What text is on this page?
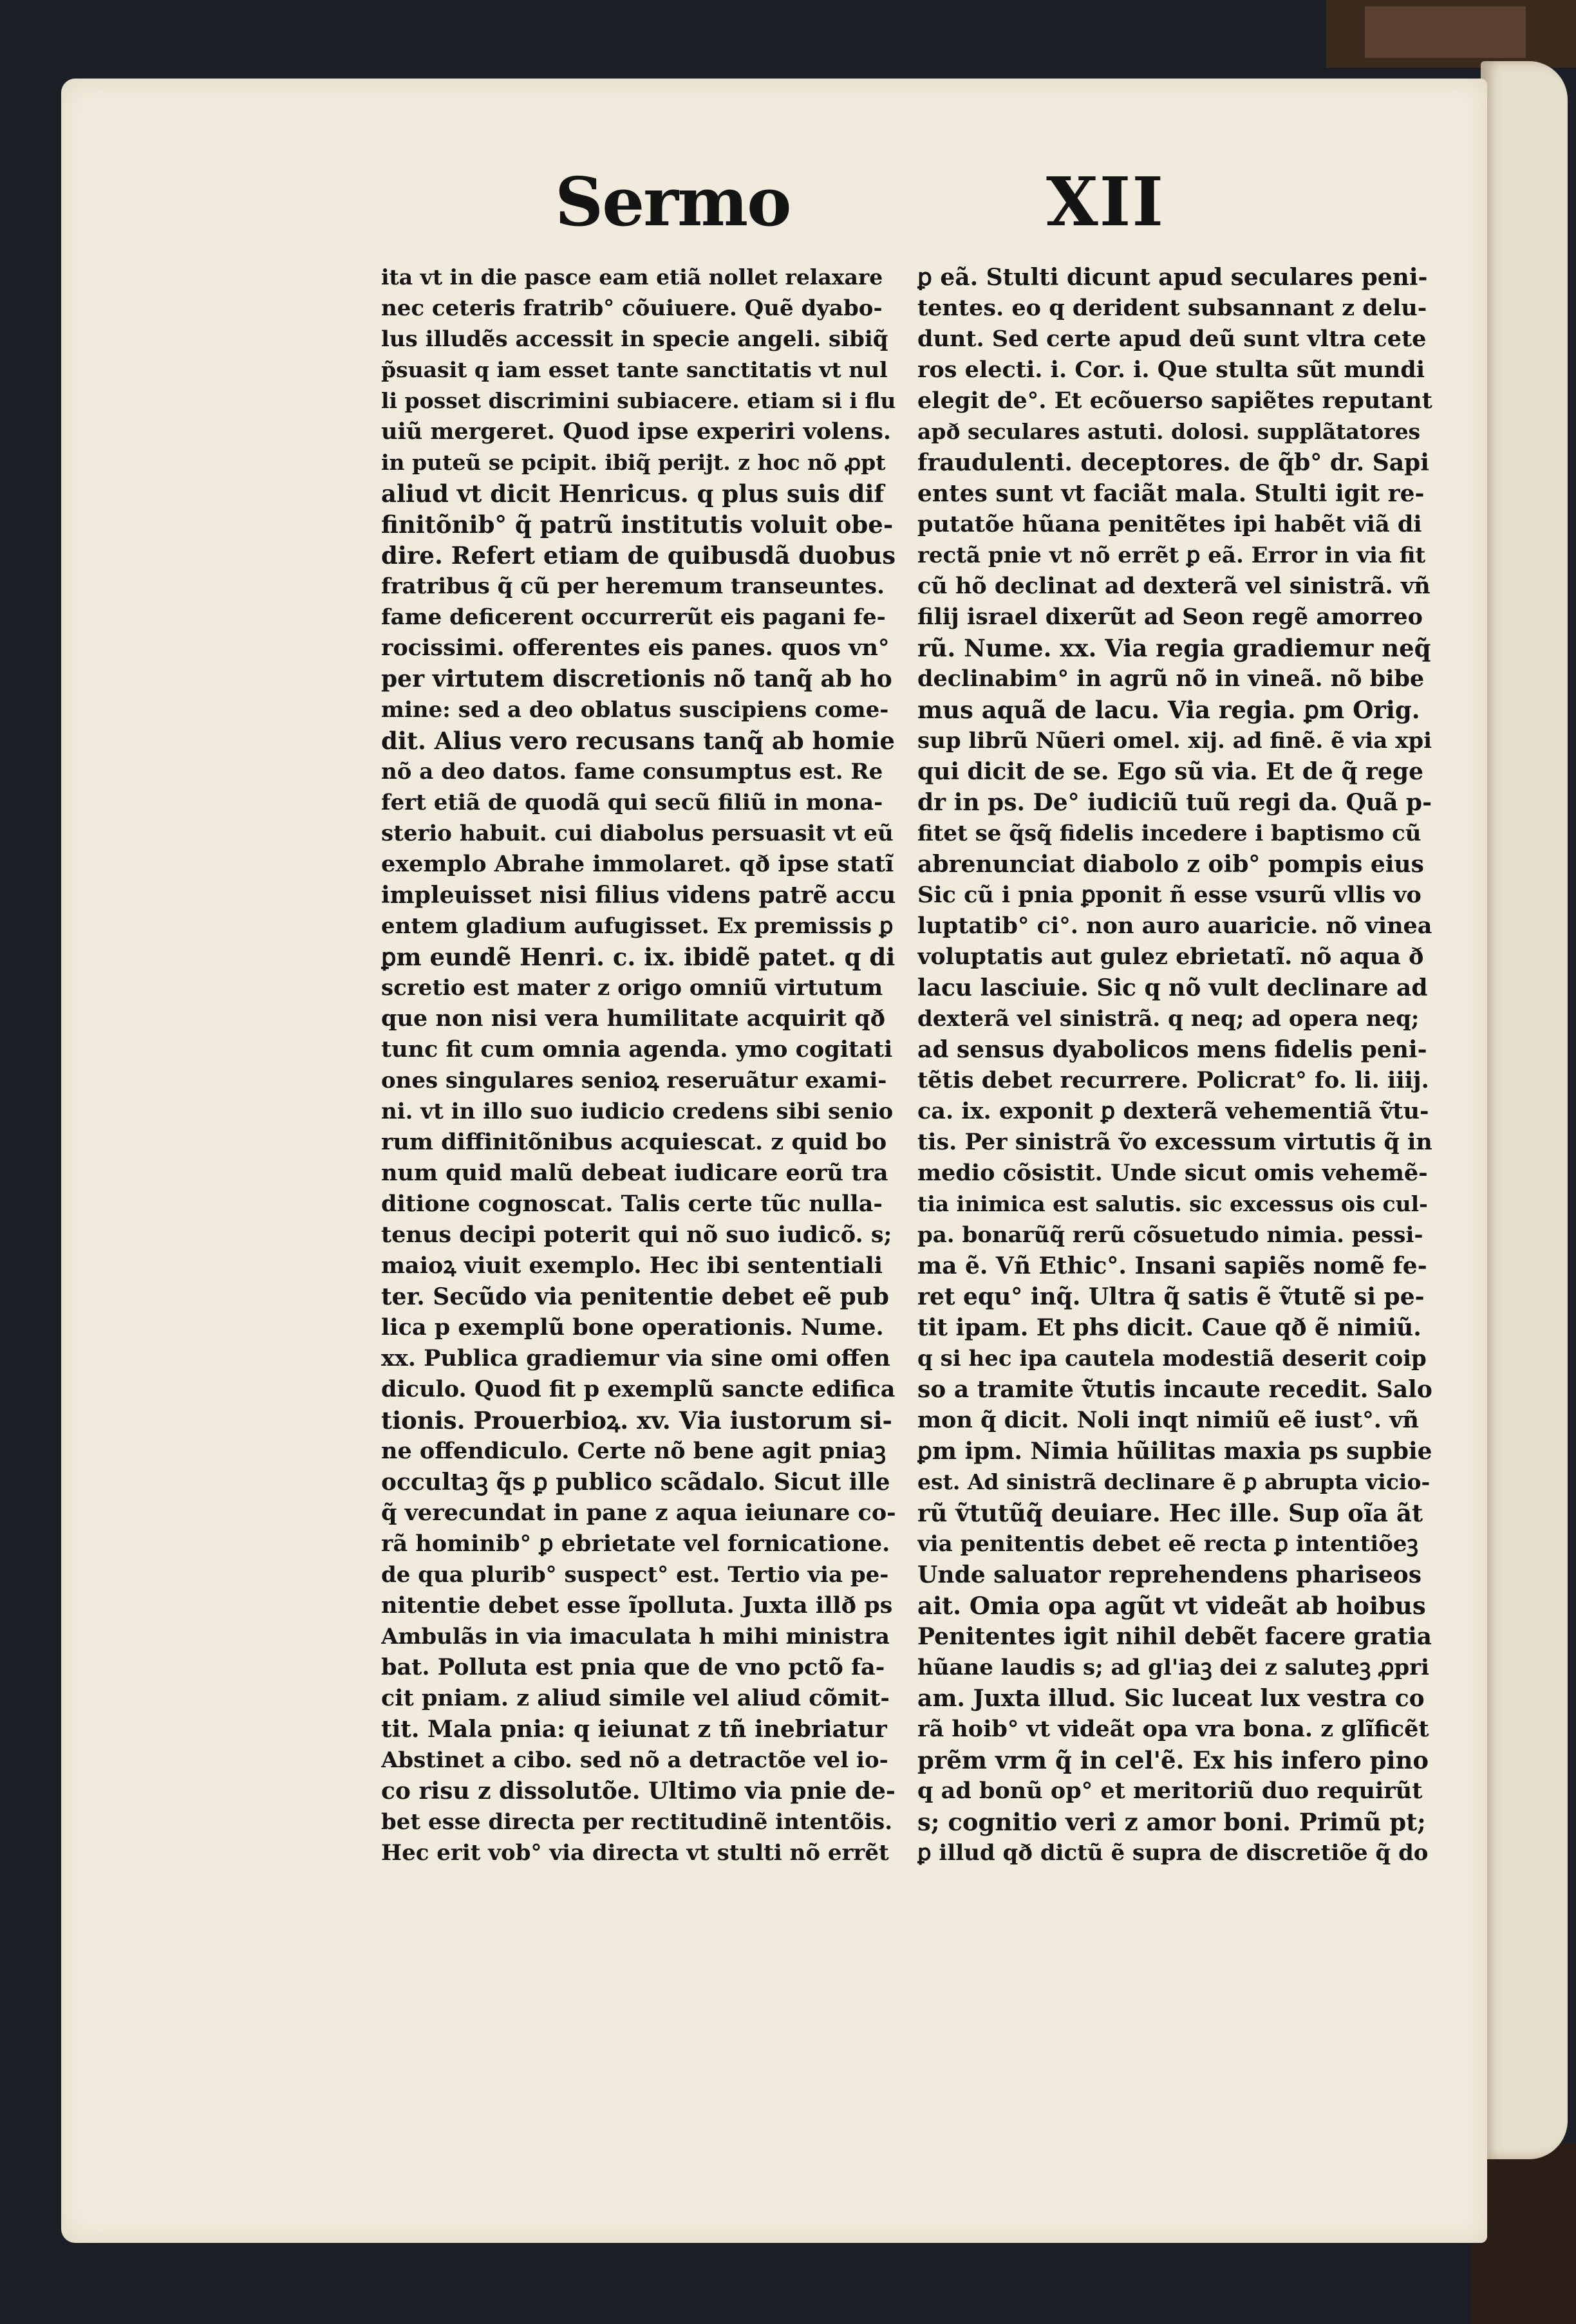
Sermo	XII
ita vt in die pasce eam etiã nollet relaxare
nec ceteris fratrib° cõuiuere. Quẽ dyabo-
lus illudẽs accessit in specie angeli. sibiq̃
p̃suasit q iam esset tante sanctitatis vt nul
li posset discrimini subiacere. etiam si i flu
uiũ mergeret. Quod ipse experiri volens.
in puteũ se pcipit. ibiq̃ perijt. z hoc nõ ꝓpt
aliud vt dicit Henricus. q plus suis dif
finitõnib° q̃ patrũ institutis voluit obe-
dire. Refert etiam de quibusdã duobus
fratribus q̃ cũ per heremum transeuntes.
fame deficerent occurrerũt eis pagani fe-
rocissimi. offerentes eis panes. quos vn°
per virtutem discretionis nõ tanq̃ ab ho
mine: sed a deo oblatus suscipiens come-
dit. Alius vero recusans tanq̃ ab homie
nõ a deo datos. fame consumptus est. Re
fert etiã de quodã qui secũ filiũ in mona-
sterio habuit. cui diabolus persuasit vt eũ
exemplo Abrahe immolaret. qð ipse statĩ
impleuisset nisi filius videns patrẽ accu
entem gladium aufugisset. Ex premissis ꝑ
ꝑm eundẽ Henri. c. ix. ibidẽ patet. q di
scretio est mater z origo omniũ virtutum
que non nisi vera humilitate acquirit qð
tunc fit cum omnia agenda. ymo cogitati
ones singulares senioꝝ reseruãtur exami-
ni. vt in illo suo iudicio credens sibi senio
rum diffinitõnibus acquiescat. z quid bo
num quid malũ debeat iudicare eorũ tra
ditione cognoscat. Talis certe tũc nulla-
tenus decipi poterit qui nõ suo iudicõ. s;
maioꝝ viuit exemplo. Hec ibi sententiali
ter. Secũdo via penitentie debet eẽ pub
lica p exemplũ bone operationis. Nume.
xx. Publica gradiemur via sine omi offen
diculo. Quod fit p exemplũ sancte edifica
tionis. Prouerbioꝝ. xv. Via iustorum si-
ne offendiculo. Certe nõ bene agit pniaꝫ
occultaꝫ q̃s ꝑ publico scãdalo. Sicut ille
q̃ verecundat in pane z aqua ieiunare co-
rã hominib° ꝑ ebrietate vel fornicatione.
de qua plurib° suspect° est. Tertio via pe-
nitentie debet esse ĩpolluta. Juxta illð ps
Ambulãs in via imaculata h mihi ministra
bat. Polluta est pnia que de vno pctõ fa-
cit pniam. z aliud simile vel aliud cõmit-
tit. Mala pnia: q ieiunat z tñ inebriatur
Abstinet a cibo. sed nõ a detractõe vel io-
co risu z dissolutõe. Ultimo via pnie de-
bet esse directa per rectitudinẽ intentõis.
Hec erit vob° via directa vt stulti nõ errẽt
ꝑ eã. Stulti dicunt apud seculares peni-
tentes. eo q derident subsannant z delu-
dunt. Sed certe apud deũ sunt vltra cete
ros electi. i. Cor. i. Que stulta sũt mundi
elegit de°. Et ecõuerso sapiẽtes reputant
apð seculares astuti. dolosi. supplãtatores
fraudulenti. deceptores. de q̃b° dr. Sapi
entes sunt vt faciãt mala. Stulti igit re-
putatõe hũana penitẽtes ipi habẽt viã di
rectã pnie vt nõ errẽt ꝑ eã. Error in via fit
cũ hõ declinat ad dexterã vel sinistrã. vñ
filij israel dixerũt ad Seon regẽ amorreo
rũ. Nume. xx. Via regia gradiemur neq̃
declinabim° in agrũ nõ in vineã. nõ bibe
mus aquã de lacu. Via regia. ꝑm Orig.
sup librũ Nũeri omel. xij. ad finẽ. ẽ via xpi
qui dicit de se. Ego sũ via. Et de q̃ rege
dr in ps. De° iudiciũ tuũ regi da. Quã p-
fitet se q̃sq̃ fidelis incedere i baptismo cũ
abrenunciat diabolo z oib° pompis eius
Sic cũ i pnia ꝑponit ñ esse vsurũ vllis vo
luptatib° ci°. non auro auaricie. nõ vinea
voluptatis aut gulez ebrietatĩ. nõ aqua ð
lacu lasciuie. Sic q nõ vult declinare ad
dexterã vel sinistrã. q neq; ad opera neq;
ad sensus dyabolicos mens fidelis peni-
tẽtis debet recurrere. Policrat° fo. li. iiij.
ca. ix. exponit ꝑ dexterã vehementiã ṽtu-
tis. Per sinistrã ṽo excessum virtutis q̃ in
medio cõsistit. Unde sicut omis vehemẽ-
tia inimica est salutis. sic excessus ois cul-
pa. bonarũq̃ rerũ cõsuetudo nimia. pessi-
ma ẽ. Vñ Ethic°. Insani sapiẽs nomẽ fe-
ret equ° inq̃. Ultra q̃ satis ẽ ṽtutẽ si pe-
tit ipam. Et phs dicit. Caue qð ẽ nimiũ.
q si hec ipa cautela modestiã deserit coip
so a tramite ṽtutis incaute recedit. Salo
mon q̃ dicit. Noli inqt nimiũ eẽ iust°. vñ
ꝑm ipm. Nimia hũilitas maxia ps supbie
est. Ad sinistrã declinare ẽ ꝑ abrupta vicio-
rũ ṽtutũq̃ deuiare. Hec ille. Sup oĩa ãt
via penitentis debet eẽ recta ꝑ intentiõeꝫ
Unde saluator reprehendens phariseos
ait. Omia opa agũt vt videãt ab hoibus
Penitentes igit nihil debẽt facere gratia
hũane laudis s; ad gl'iaꝫ dei z saluteꝫ ꝓpri
am. Juxta illud. Sic luceat lux vestra co
rã hoib° vt videãt opa vra bona. z glĩficẽt
prẽm vrm q̃ in cel'ẽ. Ex his infero pino
q ad bonũ op° et meritoriũ duo requirũt
s; cognitio veri z amor boni. Primũ pt;
ꝑ illud qð dictũ ẽ supra de discretiõe q̃ do
